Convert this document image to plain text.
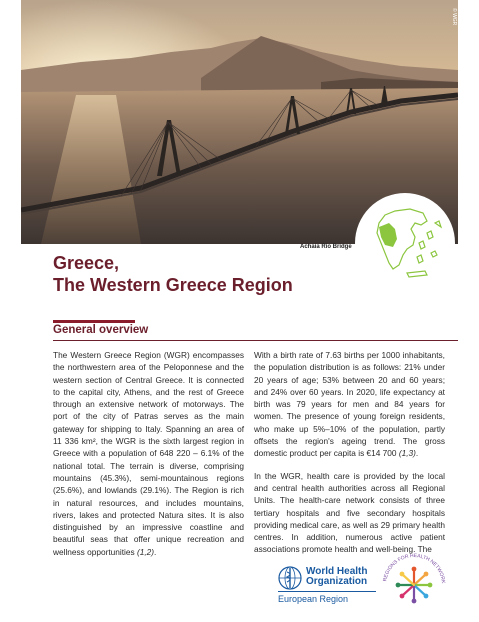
© WGR
Achaia Rio Bridge
Greece,
The Western Greece Region
General overview

The Western Greece Region (WGR) encompasses the northwestern area of the Peloponnese and the western section of Central Greece. It is connected to the capital city, Athens, and the rest of Greece through an extensive network of motorways. The port of the city of Patras serves as the main gateway for shipping to Italy. Spanning an area of 11 336 km², the WGR is the sixth largest region in Greece with a population of 648 220 – 6.1% of the national total. The terrain is diverse, comprising mountains (45.3%), semi-mountainous regions (25.6%), and lowlands (29.1%). The Region is rich in natural resources, and includes mountains, rivers, lakes and protected Natura sites. It is also distinguished by an impressive coastline and beautiful seas that offer unique recreation and wellness opportunities (1,2).

With a birth rate of 7.63 births per 1000 inhabitants, the population distribution is as follows: 21% under 20 years of age; 53% between 20 and 60 years; and 24% over 60 years. In 2020, life expectancy at birth was 79 years for men and 84 years for women. The presence of young foreign residents, who make up 5%–10% of the population, partly offsets the region's ageing trend. The gross domestic product per capita is €14 700 (1,3).

In the WGR, health care is provided by the local and central health authorities across all Regional Units. The health-care network consists of three tertiary hospitals and five secondary hospitals providing medical care, as well as 29 primary health centres. In addition, numerous active patient associations promote health and well-being. The

World Health
Organization
European Region
REGIONS FOR HEALTH NETWORK
